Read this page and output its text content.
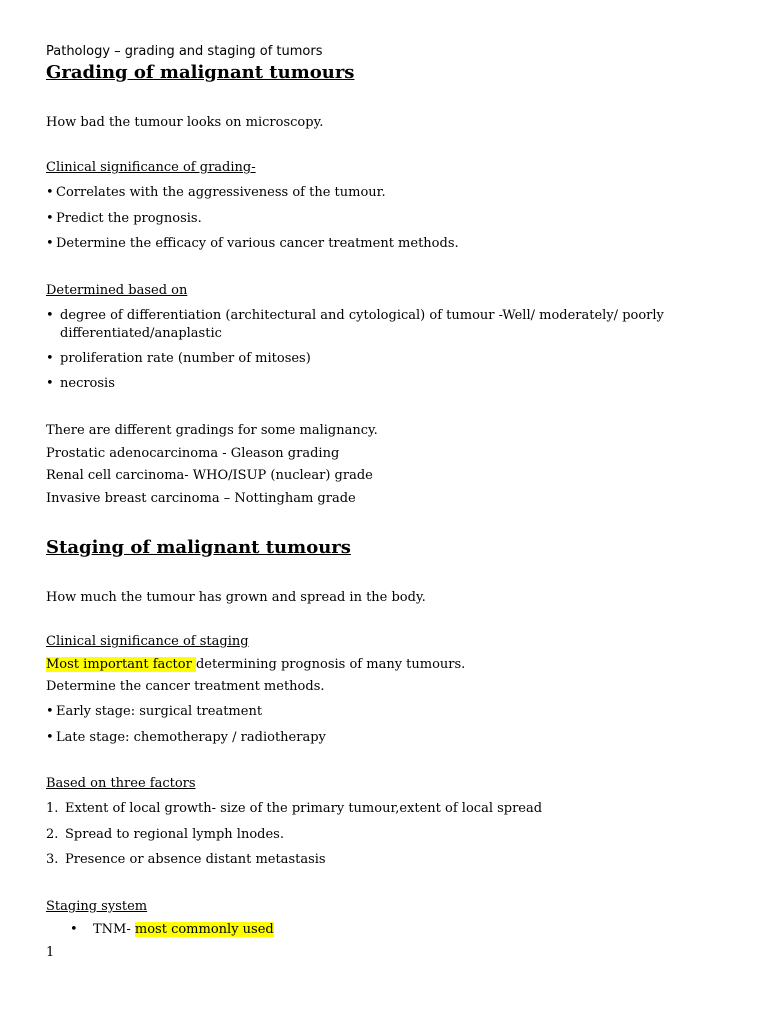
Pathology – grading and staging of tumors
Grading of malignant tumours
How bad the tumour looks on microscopy.
Clinical significance of grading-
• Correlates with the aggressiveness of the tumour.
• Predict the prognosis.
• Determine the efficacy of various cancer treatment methods.
Determined based on
• degree of differentiation (architectural and cytological) of tumour -Well/ moderately/ poorly
differentiated/anaplastic
• proliferation rate (number of mitoses)
• necrosis
There are different gradings for some malignancy.
Prostatic adenocarcinoma - Gleason grading
Renal cell carcinoma- WHO/ISUP (nuclear) grade
Invasive breast carcinoma – Nottingham grade
Staging of malignant tumours
How much the tumour has grown and spread in the body.
Clinical significance of staging
Most important factor determining prognosis of many tumours.
Determine the cancer treatment methods.
• Early stage: surgical treatment
• Late stage: chemotherapy / radiotherapy
Based on three factors
1. Extent of local growth- size of the primary tumour,extent of local spread
2. Spread to regional lymph lnodes.
3. Presence or absence distant metastasis
Staging system
• TNM- most commonly used
1
